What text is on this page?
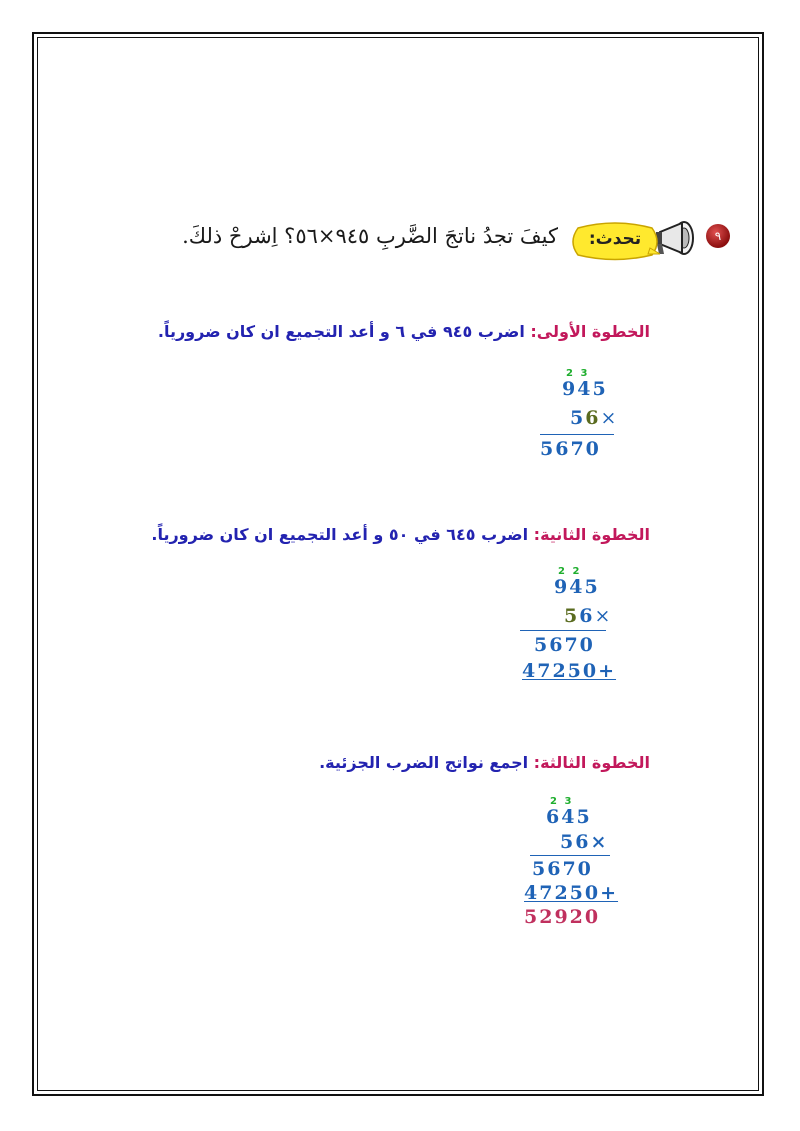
٩
تحدث:
كيفَ تجدُ ناتجَ الضَّربِ ٩٤٥×٥٦؟ اِشرحْ ذلكَ.
الخطوة الأولى: اضرب ٩٤٥ في ٦ و أعد التجميع ان كان ضرورياً.
2 3
945
56×
5670
الخطوة الثانية: اضرب ٦٤٥ في ٥٠ و أعد التجميع ان كان ضرورياً.
2 2
945
56×
5670
47250+
الخطوة الثالثة: اجمع نواتج الضرب الجزئية.
2 3
645
56×
5670
47250+
52920
